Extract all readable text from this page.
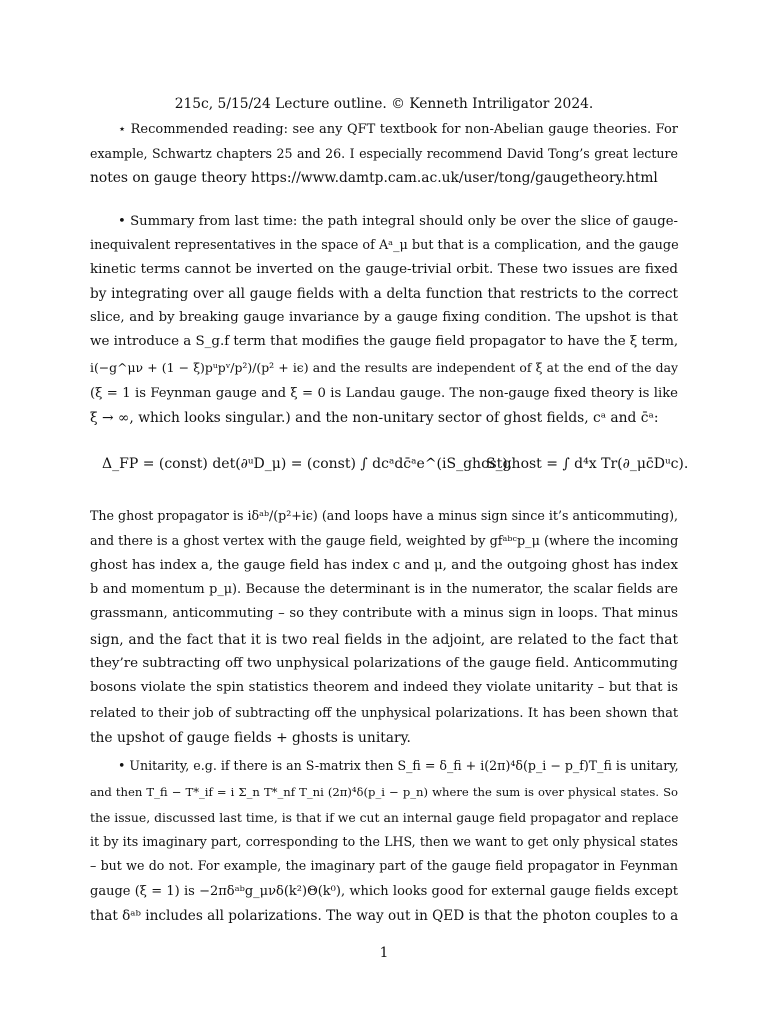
215c, 5/15/24 Lecture outline. © Kenneth Intriligator 2024.
⋆ Recommended reading: see any QFT textbook for non-Abelian gauge theories. For
example, Schwartz chapters 25 and 26. I especially recommend David Tong’s great lecture
notes on gauge theory https://www.damtp.cam.ac.uk/user/tong/gaugetheory.html
• Summary from last time: the path integral should only be over the slice of gauge-
inequivalent representatives in the space of Aᵃ_μ but that is a complication, and the gauge
kinetic terms cannot be inverted on the gauge-trivial orbit. These two issues are fixed
by integrating over all gauge fields with a delta function that restricts to the correct
slice, and by breaking gauge invariance by a gauge fixing condition. The upshot is that
we introduce a S_g.f term that modifies the gauge field propagator to have the ξ term,
i(−g^μν + (1 − ξ)pᵘpᵛ/p²)/(p² + iϵ) and the results are independent of ξ at the end of the day
(ξ = 1 is Feynman gauge and ξ = 0 is Landau gauge. The non-gauge fixed theory is like
ξ → ∞, which looks singular.) and the non-unitary sector of ghost fields, cᵃ and c̄ᵃ:
Δ_FP = (const) det(∂ᵘD_μ) = (const) ∫ dcᵃdc̄ᵃe^(iS_ghost),
S_ghost = ∫ d⁴x Tr(∂_μc̄Dᵘc).
The ghost propagator is iδᵃᵇ/(p²+iϵ) (and loops have a minus sign since it’s anticommuting),
and there is a ghost vertex with the gauge field, weighted by gfᵃᵇᶜp_μ (where the incoming
ghost has index a, the gauge field has index c and μ, and the outgoing ghost has index
b and momentum p_μ). Because the determinant is in the numerator, the scalar fields are
grassmann, anticommuting – so they contribute with a minus sign in loops. That minus
sign, and the fact that it is two real fields in the adjoint, are related to the fact that
they’re subtracting off two unphysical polarizations of the gauge field. Anticommuting
bosons violate the spin statistics theorem and indeed they violate unitarity – but that is
related to their job of subtracting off the unphysical polarizations. It has been shown that
the upshot of gauge fields + ghosts is unitary.
• Unitarity, e.g. if there is an S-matrix then S_fi = δ_fi + i(2π)⁴δ(p_i − p_f)T_fi is unitary,
and then T_fi − T*_if = i Σ_n T*_nf T_ni (2π)⁴δ(p_i − p_n) where the sum is over physical states. So
the issue, discussed last time, is that if we cut an internal gauge field propagator and replace
it by its imaginary part, corresponding to the LHS, then we want to get only physical states
– but we do not. For example, the imaginary part of the gauge field propagator in Feynman
gauge (ξ = 1) is −2πδᵃᵇg_μνδ(k²)Θ(k⁰), which looks good for external gauge fields except
that δᵃᵇ includes all polarizations. The way out in QED is that the photon couples to a
1
